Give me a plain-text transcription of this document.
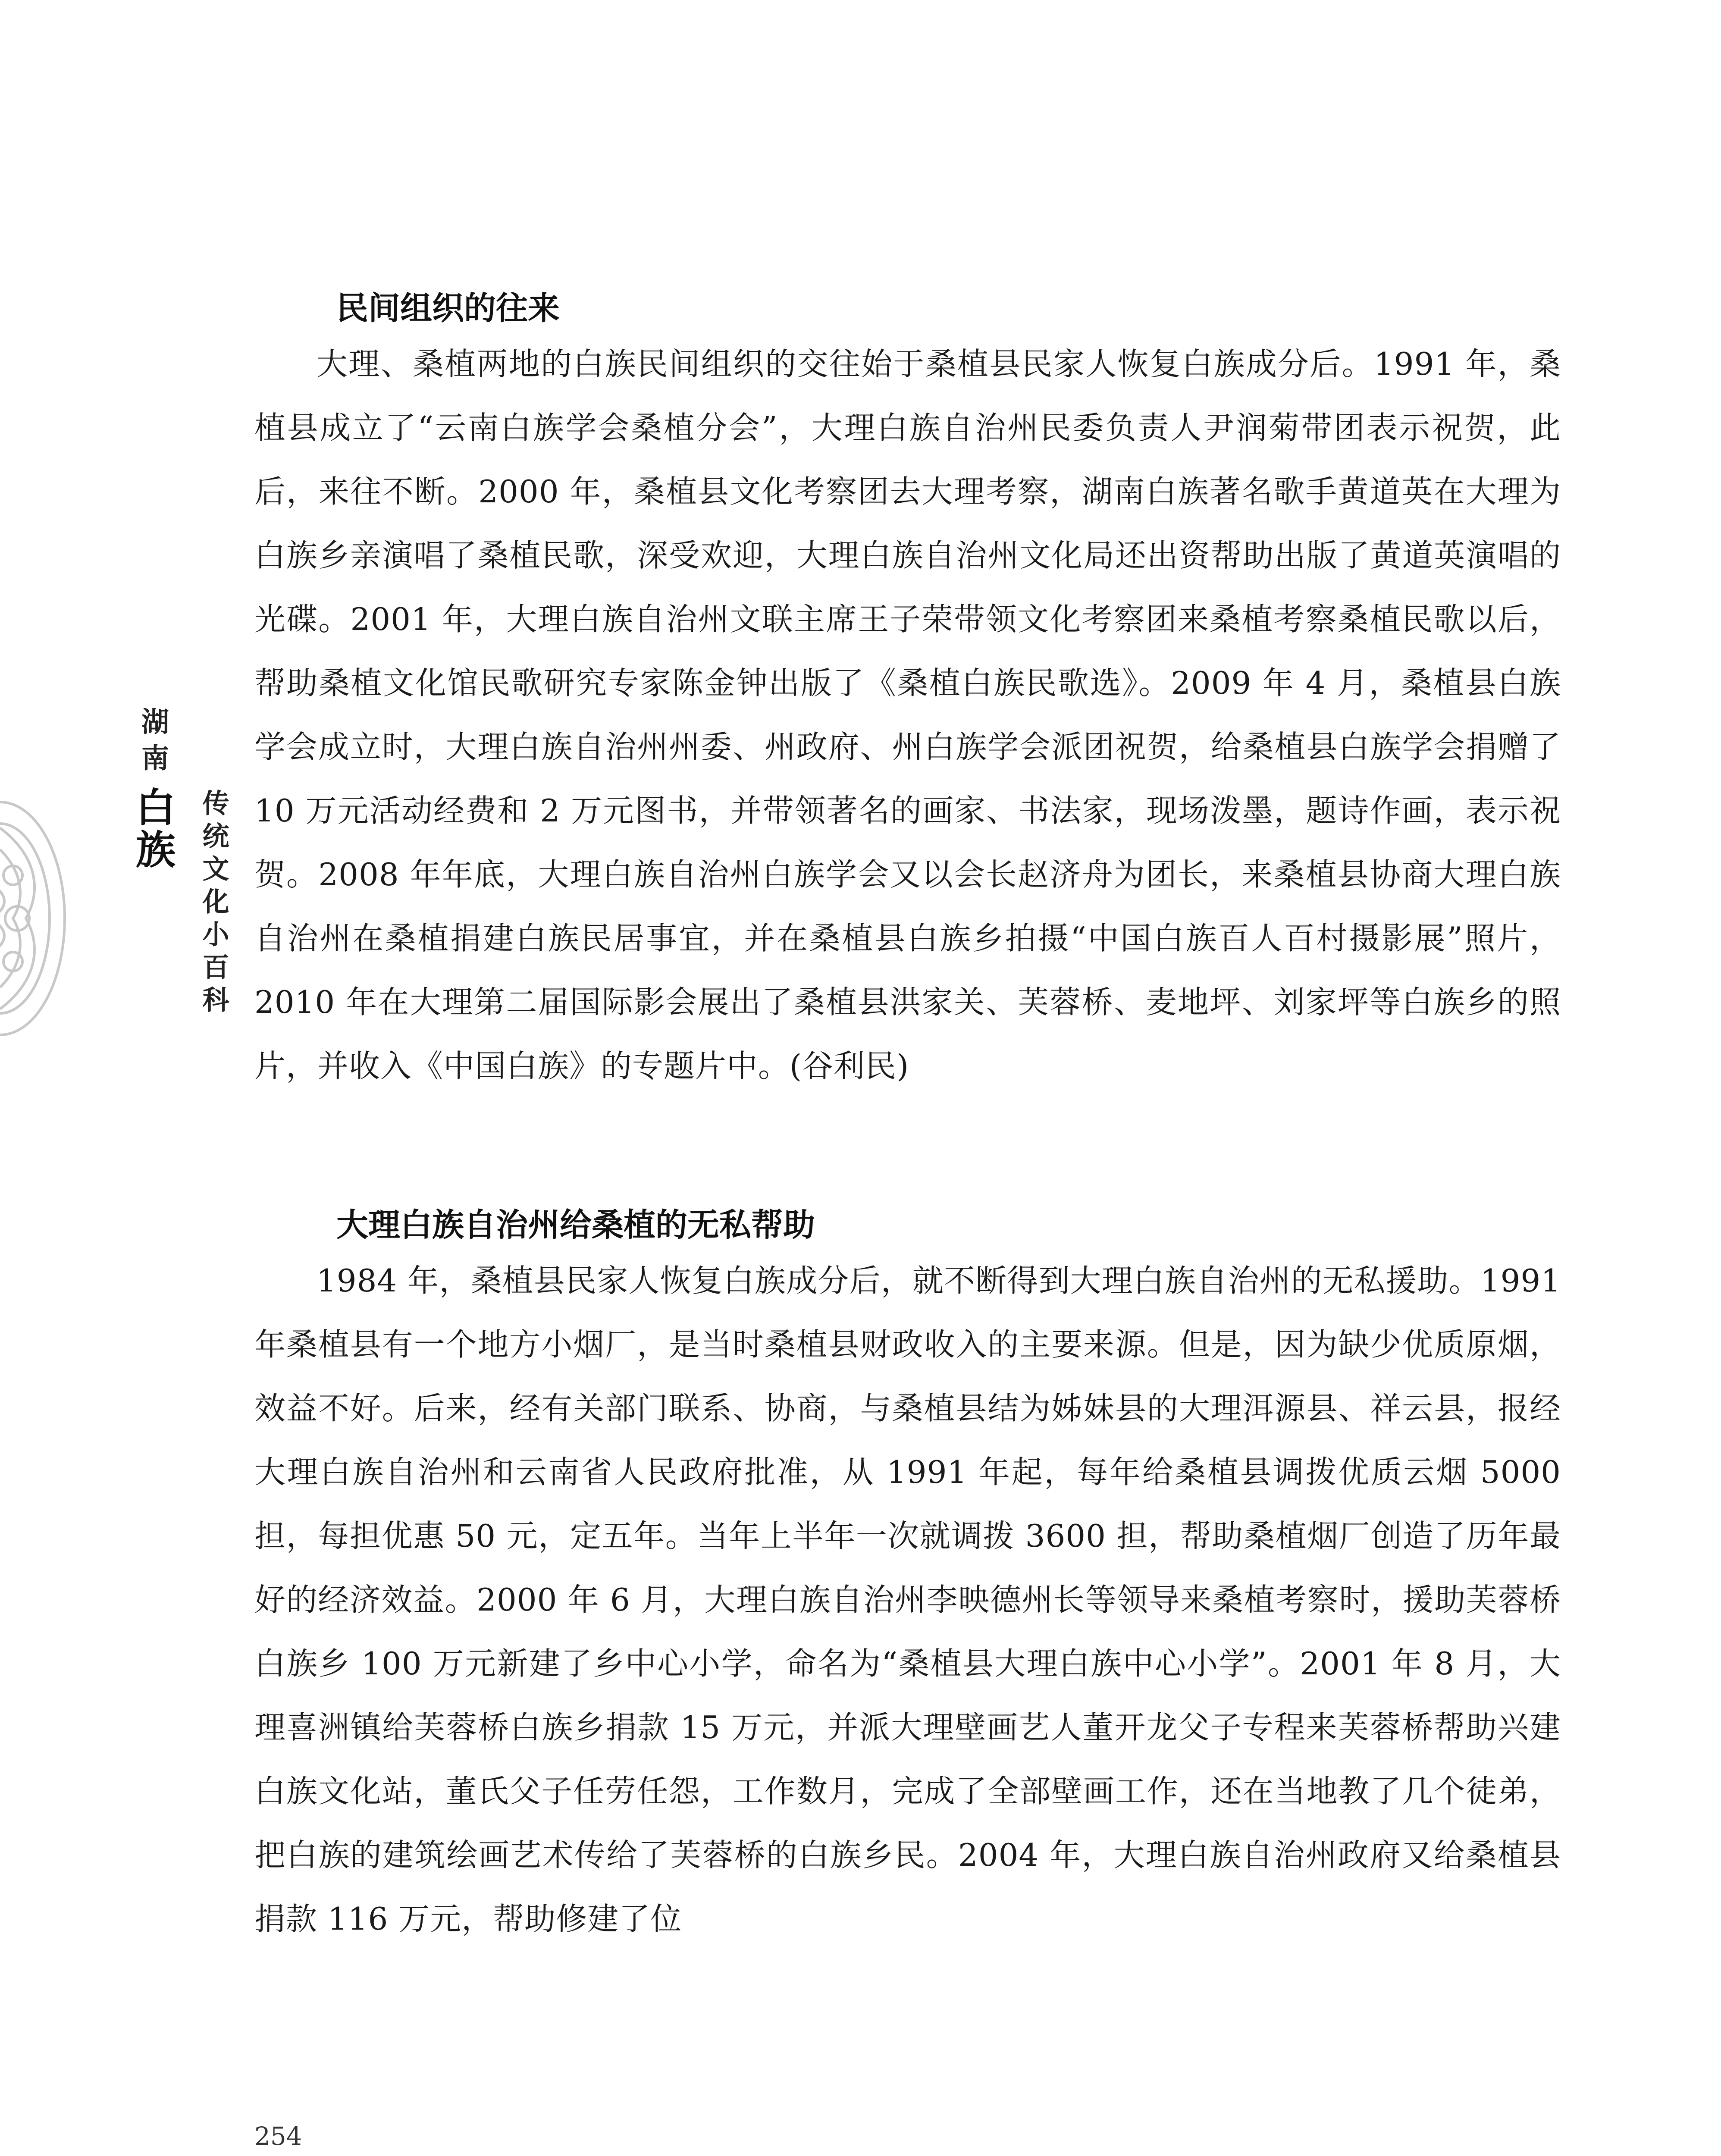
湖南
白族 传统文化小百科
民间组织的往来

大理、桑植两地的白族民间组织的交往始于桑植县民家人恢复白族成分后。1991 年，桑植县成立了“云南白族学会桑植分会”，大理白族自治州民委负责人尹润菊带团表示祝贺，此后，来往不断。2000 年，桑植县文化考察团去大理考察，湖南白族著名歌手黄道英在大理为白族乡亲演唱了桑植民歌，深受欢迎，大理白族自治州文化局还出资帮助出版了黄道英演唱的光碟。2001 年，大理白族自治州文联主席王子荣带领文化考察团来桑植考察桑植民歌以后，帮助桑植文化馆民歌研究专家陈金钟出版了《桑植白族民歌选》。2009 年 4 月，桑植县白族学会成立时，大理白族自治州州委、州政府、州白族学会派团祝贺，给桑植县白族学会捐赠了 10 万元活动经费和 2 万元图书，并带领著名的画家、书法家，现场泼墨，题诗作画，表示祝贺。2008 年年底，大理白族自治州白族学会又以会长赵济舟为团长，来桑植县协商大理白族自治州在桑植捐建白族民居事宜，并在桑植县白族乡拍摄“中国白族百人百村摄影展”照片，2010 年在大理第二届国际影会展出了桑植县洪家关、芙蓉桥、麦地坪、刘家坪等白族乡的照片，并收入《中国白族》的专题片中。(谷利民)

大理白族自治州给桑植的无私帮助

1984 年，桑植县民家人恢复白族成分后，就不断得到大理白族自治州的无私援助。1991 年桑植县有一个地方小烟厂，是当时桑植县财政收入的主要来源。但是，因为缺少优质原烟，效益不好。后来，经有关部门联系、协商，与桑植县结为姊妹县的大理洱源县、祥云县，报经大理白族自治州和云南省人民政府批准，从 1991 年起，每年给桑植县调拨优质云烟 5000 担，每担优惠 50 元，定五年。当年上半年一次就调拨 3600 担，帮助桑植烟厂创造了历年最好的经济效益。2000 年 6 月，大理白族自治州李映德州长等领导来桑植考察时，援助芙蓉桥白族乡 100 万元新建了乡中心小学，命名为“桑植县大理白族中心小学”。2001 年 8 月，大理喜洲镇给芙蓉桥白族乡捐款 15 万元，并派大理壁画艺人董开龙父子专程来芙蓉桥帮助兴建白族文化站，董氏父子任劳任怨，工作数月，完成了全部壁画工作，还在当地教了几个徒弟，把白族的建筑绘画艺术传给了芙蓉桥的白族乡民。2004 年，大理白族自治州政府又给桑植县捐款 116 万元，帮助修建了位

254
